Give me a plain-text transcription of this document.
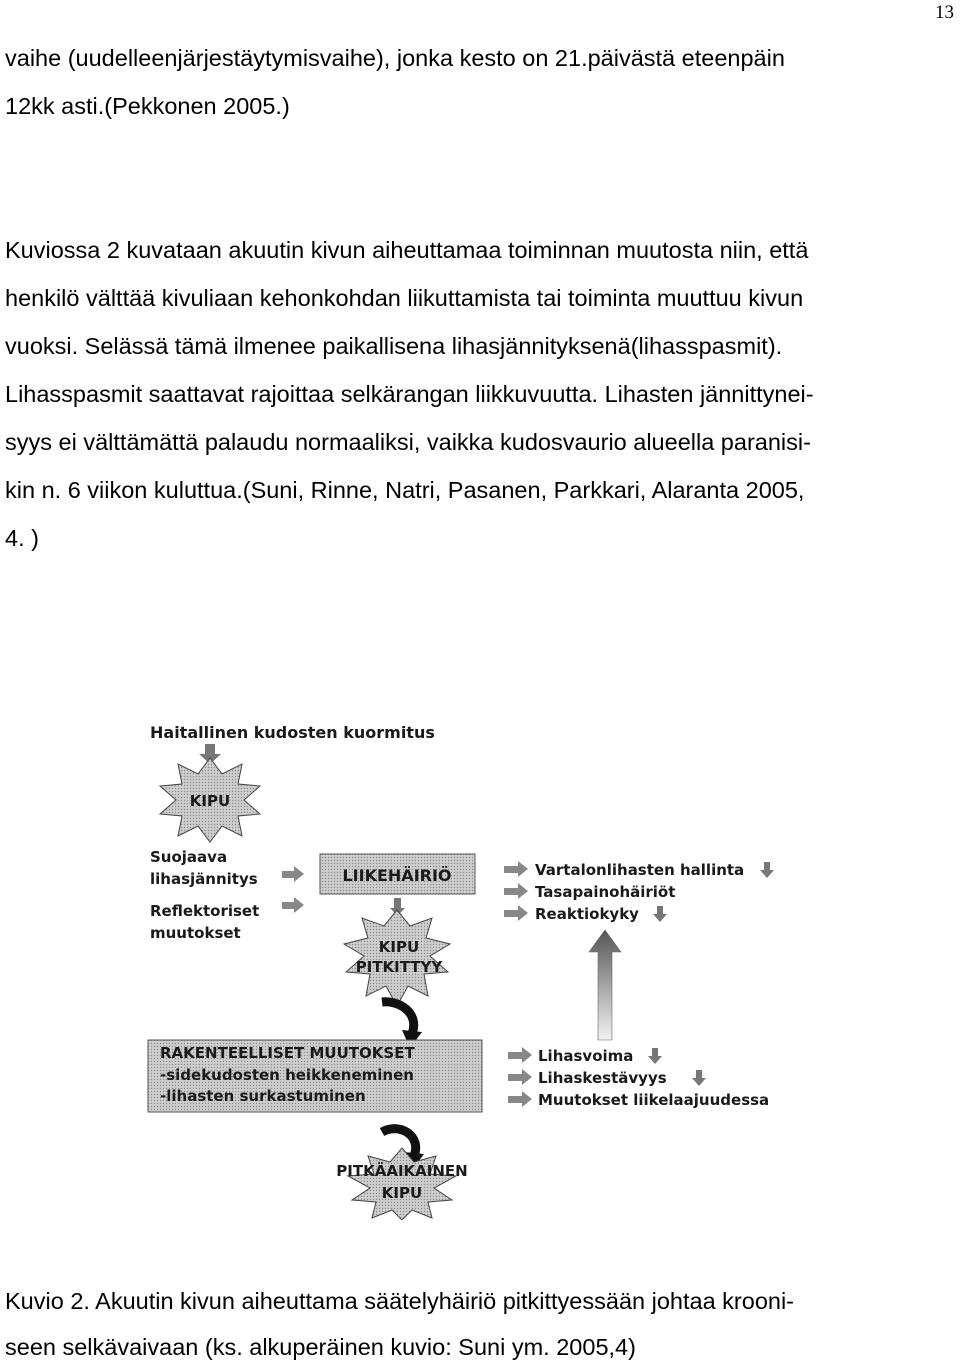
13
vaihe (uudelleenjärjestäytymisvaihe), jonka kesto on 21.päivästä eteenpäin
12kk asti.(Pekkonen 2005.)
Kuviossa 2 kuvataan akuutin kivun aiheuttamaa toiminnan muutosta niin, että
henkilö välttää kivuliaan kehonkohdan liikuttamista tai toiminta muuttuu kivun
vuoksi. Selässä tämä ilmenee paikallisena lihasjännityksenä(lihasspasmit).
Lihasspasmit saattavat rajoittaa selkärangan liikkuvuutta. Lihasten jännittynei-
syys ei välttämättä palaudu normaaliksi, vaikka kudosvaurio alueella paranisi-
kin n. 6 viikon kuluttua.(Suni, Rinne, Natri, Pasanen, Parkkari, Alaranta 2005,
4. )
Haitallinen kudosten kuormitus
KIPU
Suojaava
lihasjännitys
Reflektoriset
muutokset
LIIKEHÄIRIÖ	Vartalonlihasten hallinta
Tasapainohäiriöt
Reaktiokyky
KIPU
PITKITTYY
RAKENTEELLISET MUUTOKSET
-sidekudosten heikkeneminen
-lihasten surkastuminen
Lihasvoima
Lihaskestävyys
Muutokset liikelaajuudessa
PITKÄAIKAINEN
KIPU
Kuvio 2. Akuutin kivun aiheuttama säätelyhäiriö pitkittyessään johtaa krooni-
seen selkävaivaan (ks. alkuperäinen kuvio: Suni ym. 2005,4)
